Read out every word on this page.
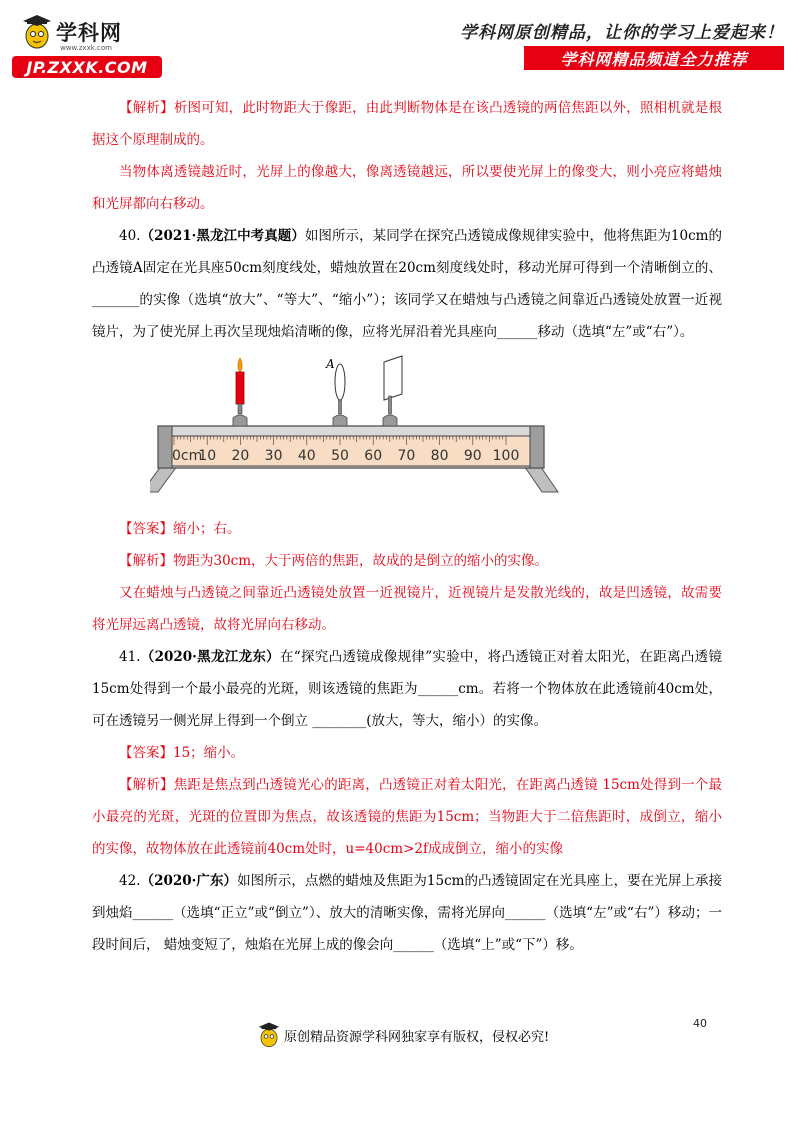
学科网
www.zxxk.com
JP.ZXXK.COM
学科网原创精品，让你的学习上爱起来！
学科网精品频道全力推荐

【解析】析图可知，此时物距大于像距，由此判断物体是在该凸透镜的两倍焦距以外，照相机就是根据这个原理制成的。

当物体离透镜越近时，光屏上的像越大，像离透镜越远，所以要使光屏上的像变大，则小亮应将蜡烛和光屏都向右移动。

40.（2021·黑龙江中考真题）如图所示，某同学在探究凸透镜成像规律实验中，他将焦距为10cm的凸透镜A固定在光具座50cm刻度线处，蜡烛放置在20cm刻度线处时，移动光屏可得到一个清晰倒立的、_______的实像（选填“放大”、“等大”、“缩小”）；该同学又在蜡烛与凸透镜之间靠近凸透镜处放置一近视镜片，为了使光屏上再次呈现烛焰清晰的像，应将光屏沿着光具座向______移动（选填“左”或“右”）。

0cm
10 20 30 40 50 60 70 80 90 100
A

【答案】缩小；右。

【解析】物距为30cm，大于两倍的焦距，故成的是倒立的缩小的实像。

又在蜡烛与凸透镜之间靠近凸透镜处放置一近视镜片，近视镜片是发散光线的，故是凹透镜，故需要将光屏远离凸透镜，故将光屏向右移动。

41.（2020·黑龙江龙东）在“探究凸透镜成像规律”实验中，将凸透镜正对着太阳光，在距离凸透镜 15cm处得到一个最小最亮的光斑，则该透镜的焦距为______cm。若将一个物体放在此透镜前40cm处，可在透镜另一侧光屏上得到一个倒立 ________(放大，等大，缩小）的实像。

【答案】15；缩小。

【解析】焦距是焦点到凸透镜光心的距离，凸透镜正对着太阳光，在距离凸透镜 15cm处得到一个最小最亮的光斑，光斑的位置即为焦点，故该透镜的焦距为15cm；当物距大于二倍焦距时，成倒立，缩小的实像，故物体放在此透镜前40cm处时，u=40cm>2f成成倒立，缩小的实像

42.（2020·广东）如图所示，点燃的蜡烛及焦距为15cm的凸透镜固定在光具座上，要在光屏上承接到烛焰______（选填“正立”或“倒立”）、放大的清晰实像，需将光屏向______（选填“左”或“右”）移动；一段时间后， 蜡烛变短了，烛焰在光屏上成的像会向______（选填“上”或“下”）移。

40
原创精品资源学科网独家享有版权，侵权必究!
